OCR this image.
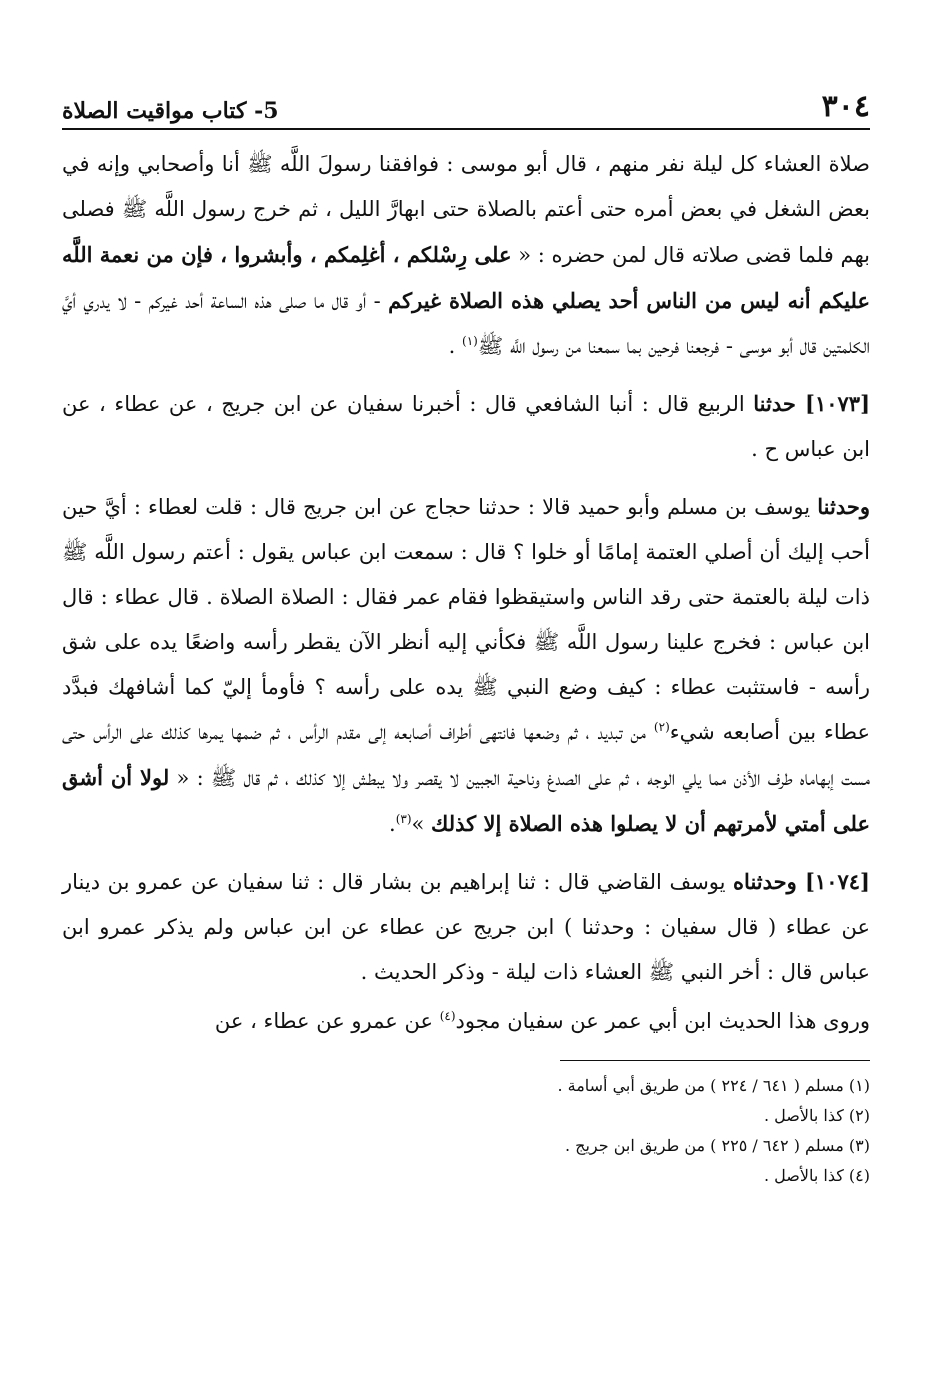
٣٠٤
5- كتاب مواقيت الصلاة

صلاة العشاء كل ليلة نفر منهم ، قال أبو موسى : فوافقنا رسولَ اللَّه ﷺ أنا وأصحابي وإنه في بعض الشغل في بعض أمره حتى أعتم بالصلاة حتى ابهارَّ الليل ، ثم خرج رسول اللَّه ﷺ فصلى بهم فلما قضى صلاته قال لمن حضره : « على رِسْلكم ، أغلِمكم ، وأبشروا ، فإن من نعمة اللَّه عليكم أنه ليس من الناس أحد يصلي هذه الصلاة غيركم - أو قال ما صلى هذه الساعة أحد غيركم - لا يدري أيَّ الكلمتين قال أبو موسى - فرجعنا فرحين بما سمعنا من رسول اللَّه ﷺ$^{(١)}$ .

[١٠٧٣] حدثنا الربيع قال : أنبا الشافعي قال : أخبرنا سفيان عن ابن جريج ، عن عطاء ، عن ابن عباس ح .

وحدثنا يوسف بن مسلم وأبو حميد قالا : حدثنا حجاج عن ابن جريج قال : قلت لعطاء : أيَّ حين أحب إليك أن أصلي العتمة إمامًا أو خلوا ؟ قال : سمعت ابن عباس يقول : أعتم رسول اللَّه ﷺ ذات ليلة بالعتمة حتى رقد الناس واستيقظوا فقام عمر فقال : الصلاة الصلاة . قال عطاء : قال ابن عباس : فخرج علينا رسول اللَّه ﷺ فكأني إليه أنظر الآن يقطر رأسه واضعًا يده على شق رأسه - فاستثبت عطاء : كيف وضع النبي ﷺ يده على رأسه ؟ فأومأ إليّ كما أشافهك فبدَّد عطاء بين أصابعه شيء$^{(٢)}$ من تبديد ، ثم وضعها فانتهى أطراف أصابعه إلى مقدم الرأس ، ثم ضمها يمرها كذلك على الرأس حتى مست إبهاماه طرف الأذن مما يلي الوجه ، ثم على الصدغ وناحية الجبين لا يقصر ولا يبطش إلا كذلك ، ثم قال ﷺ : « لولا أن أشق على أمتي لأمرتهم أن لا يصلوا هذه الصلاة إلا كذلك »$^{(٣)}$.

[١٠٧٤] وحدثناه يوسف القاضي قال : ثنا إبراهيم بن بشار قال : ثنا سفيان عن عمرو بن دينار عن عطاء ( قال سفيان : وحدثنا ) ابن جريج عن عطاء عن ابن عباس ولم يذكر عمرو ابن عباس قال : أخر النبي ﷺ العشاء ذات ليلة - وذكر الحديث .

وروى هذا الحديث ابن أبي عمر عن سفيان مجود$^{(٤)}$ عن عمرو عن عطاء ، عن

(١) مسلم ( ٦٤١ / ٢٢٤ ) من طريق أبي أسامة .

(٢) كذا بالأصل .

(٣) مسلم ( ٦٤٢ / ٢٢٥ ) من طريق ابن جريج .

(٤) كذا بالأصل .
